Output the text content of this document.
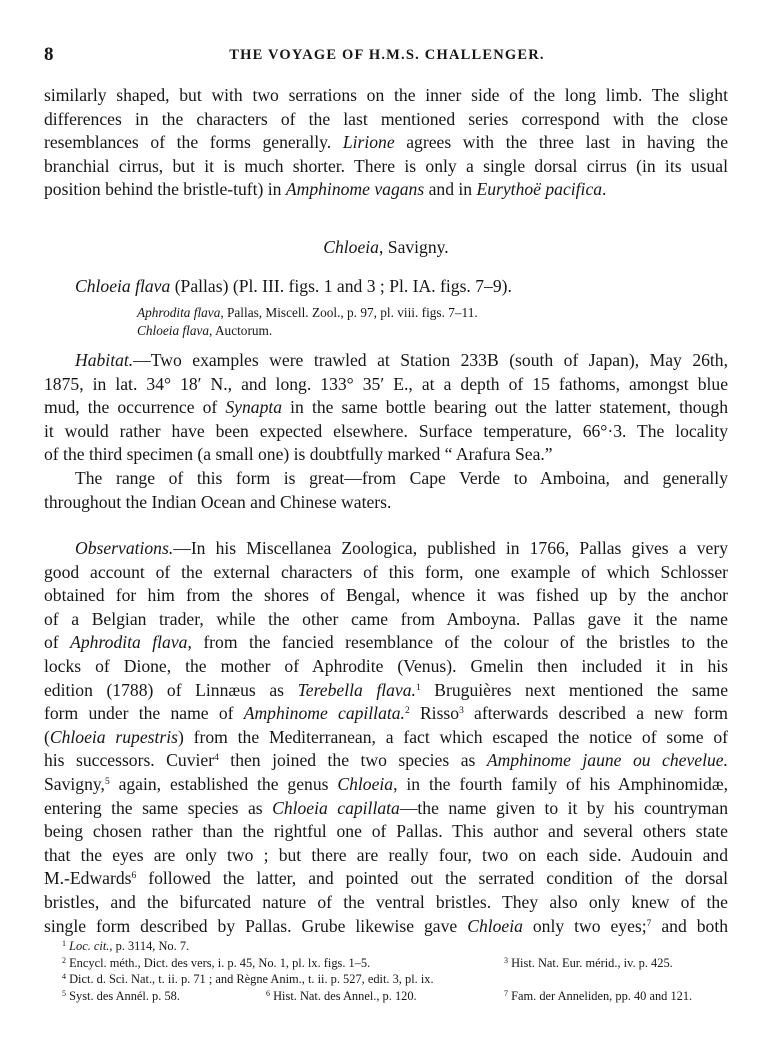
8	THE VOYAGE OF H.M.S. CHALLENGER.
similarly shaped, but with two serrations on the inner side of the long limb. The slight
differences in the characters of the last mentioned series correspond with the close
resemblances of the forms generally. Lirione agrees with the three last in having the
branchial cirrus, but it is much shorter. There is only a single dorsal cirrus (in its usual
position behind the bristle-tuft) in Amphinome vagans and in Eurythoë pacifica.
Chloeia, Savigny.
Chloeia flava (Pallas) (Pl. III. figs. 1 and 3 ; Pl. IA. figs. 7–9).
Aphrodita flava, Pallas, Miscell. Zool., p. 97, pl. viii. figs. 7–11.
Chloeia flava, Auctorum.
Habitat.—Two examples were trawled at Station 233B (south of Japan), May 26th,
1875, in lat. 34° 18′ N., and long. 133° 35′ E., at a depth of 15 fathoms, amongst blue
mud, the occurrence of Synapta in the same bottle bearing out the latter statement, though
it would rather have been expected elsewhere. Surface temperature, 66°·3. The locality
of the third specimen (a small one) is doubtfully marked “ Arafura Sea.”
The range of this form is great—from Cape Verde to Amboina, and generally
throughout the Indian Ocean and Chinese waters.
Observations.—In his Miscellanea Zoologica, published in 1766, Pallas gives a very
good account of the external characters of this form, one example of which Schlosser
obtained for him from the shores of Bengal, whence it was fished up by the anchor
of a Belgian trader, while the other came from Amboyna. Pallas gave it the name
of Aphrodita flava, from the fancied resemblance of the colour of the bristles to the
locks of Dione, the mother of Aphrodite (Venus). Gmelin then included it in his
edition (1788) of Linnæus as Terebella flava.$^1$ Bruguières next mentioned the same
form under the name of Amphinome capillata.$^2$ Risso$^3$ afterwards described a new form
(Chloeia rupestris) from the Mediterranean, a fact which escaped the notice of some of
his successors. Cuvier$^4$ then joined the two species as Amphinome jaune ou chevelue.
Savigny,$^5$ again, established the genus Chloeia, in the fourth family of his Amphinomidæ,
entering the same species as Chloeia capillata—the name given to it by his countryman
being chosen rather than the rightful one of Pallas. This author and several others state
that the eyes are only two ; but there are really four, two on each side. Audouin and
M.-Edwards$^6$ followed the latter, and pointed out the serrated condition of the dorsal
bristles, and the bifurcated nature of the ventral bristles. They also only knew of the
single form described by Pallas. Grube likewise gave Chloeia only two eyes;$^7$ and both
$^1$ Loc. cit., p. 3114, No. 7.
$^2$ Encycl. méth., Dict. des vers, i. p. 45, No. 1, pl. lx. figs. 1–5.	$^3$ Hist. Nat. Eur. mérid., iv. p. 425.
$^4$ Dict. d. Sci. Nat., t. ii. p. 71 ; and Règne Anim., t. ii. p. 527, edit. 3, pl. ix.
$^5$ Syst. des Annél. p. 58.	$^6$ Hist. Nat. des Annel., p. 120.	$^7$ Fam. der Anneliden, pp. 40 and 121.
